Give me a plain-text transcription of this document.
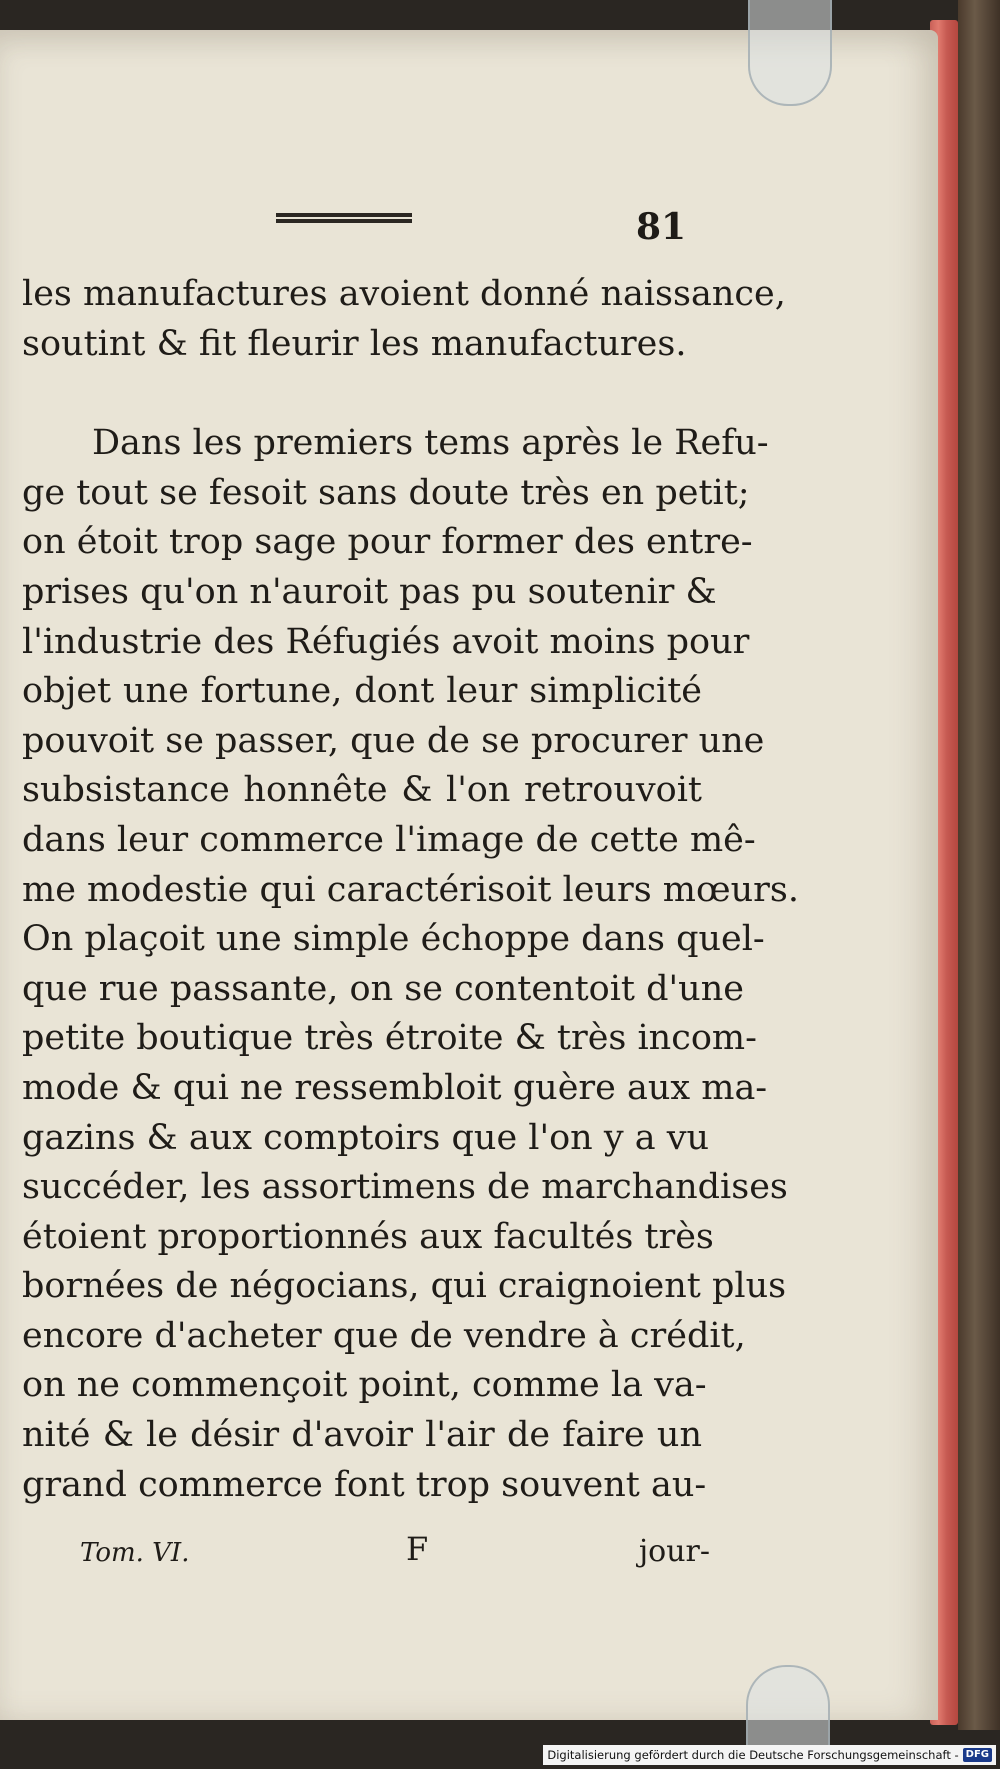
81
les manufactures avoient donné naissance,
soutint & fit fleurir les manufactures.
Dans les premiers tems après le Refu-
ge tout se fesoit sans doute très en petit;
on étoit trop sage pour former des entre-
prises qu'on n'auroit pas pu soutenir &
l'industrie des Réfugiés avoit moins pour
objet une fortune, dont leur simplicité
pouvoit se passer, que de se procurer une
subsistance honnête & l'on retrouvoit
dans leur commerce l'image de cette mê-
me modestie qui caractérisoit leurs mœurs.
On plaçoit une simple échoppe dans quel-
que rue passante, on se contentoit d'une
petite boutique très étroite & très incom-
mode & qui ne ressembloit guère aux ma-
gazins & aux comptoirs que l'on y a vu
succéder, les assortimens de marchandises
étoient proportionnés aux facultés très
bornées de négocians, qui craignoient plus
encore d'acheter que de vendre à crédit,
on ne commençoit point, comme la va-
nité & le désir d'avoir l'air de faire un
grand commerce font trop souvent au-
Tom. VI.	F	jour-
Digitalisierung gefördert durch die Deutsche Forschungsgemeinschaft - DFG
